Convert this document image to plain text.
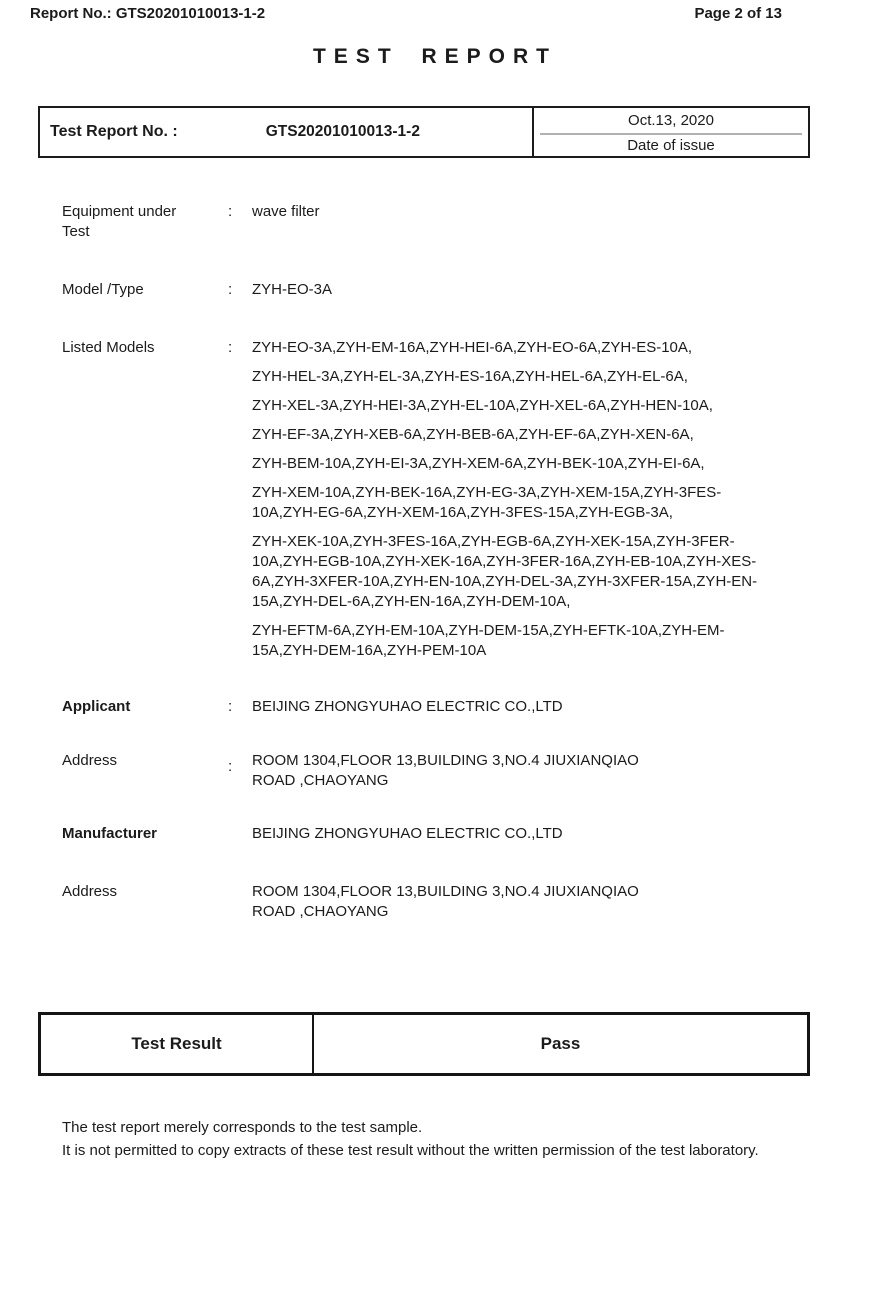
Report No.: GTS20201010013-1-2	Page 2 of 13
TEST REPORT
Test Report No. :	GTS20201010013-1-2
Oct.13, 2020
Date of issue
Equipment under Test
:	wave filter
Model /Type	:	ZYH-EO-3A
Listed Models	:	ZYH-EO-3A,ZYH-EM-16A,ZYH-HEI-6A,ZYH-EO-6A,ZYH-ES-10A,

ZYH-HEL-3A,ZYH-EL-3A,ZYH-ES-16A,ZYH-HEL-6A,ZYH-EL-6A,

ZYH-XEL-3A,ZYH-HEI-3A,ZYH-EL-10A,ZYH-XEL-6A,ZYH-HEN-10A,

ZYH-EF-3A,ZYH-XEB-6A,ZYH-BEB-6A,ZYH-EF-6A,ZYH-XEN-6A,

ZYH-BEM-10A,ZYH-EI-3A,ZYH-XEM-6A,ZYH-BEK-10A,ZYH-EI-6A,

ZYH-XEM-10A,ZYH-BEK-16A,ZYH-EG-3A,ZYH-XEM-15A,ZYH-3FES-10A,ZYH-EG-6A,ZYH-XEM-16A,ZYH-3FES-15A,ZYH-EGB-3A,

ZYH-XEK-10A,ZYH-3FES-16A,ZYH-EGB-6A,ZYH-XEK-15A,ZYH-3FER-10A,ZYH-EGB-10A,ZYH-XEK-16A,ZYH-3FER-16A,ZYH-EB-10A,ZYH-XES-6A,ZYH-3XFER-10A,ZYH-EN-10A,ZYH-DEL-3A,ZYH-3XFER-15A,ZYH-EN-15A,ZYH-DEL-6A,ZYH-EN-16A,ZYH-DEM-10A,

ZYH-EFTM-6A,ZYH-EM-10A,ZYH-DEM-15A,ZYH-EFTK-10A,ZYH-EM-15A,ZYH-DEM-16A,ZYH-PEM-10A

Applicant	:	BEIJING ZHONGYUHAO ELECTRIC CO.,LTD
Address	:	ROOM 1304,FLOOR 13,BUILDING 3,NO.4 JIUXIANQIAO ROAD ,CHAOYANG
Manufacturer	BEIJING ZHONGYUHAO ELECTRIC CO.,LTD
Address	ROOM 1304,FLOOR 13,BUILDING 3,NO.4 JIUXIANQIAO ROAD ,CHAOYANG
Test Result	Pass

The test report merely corresponds to the test sample.

It is not permitted to copy extracts of these test result without the written permission of the test laboratory.
